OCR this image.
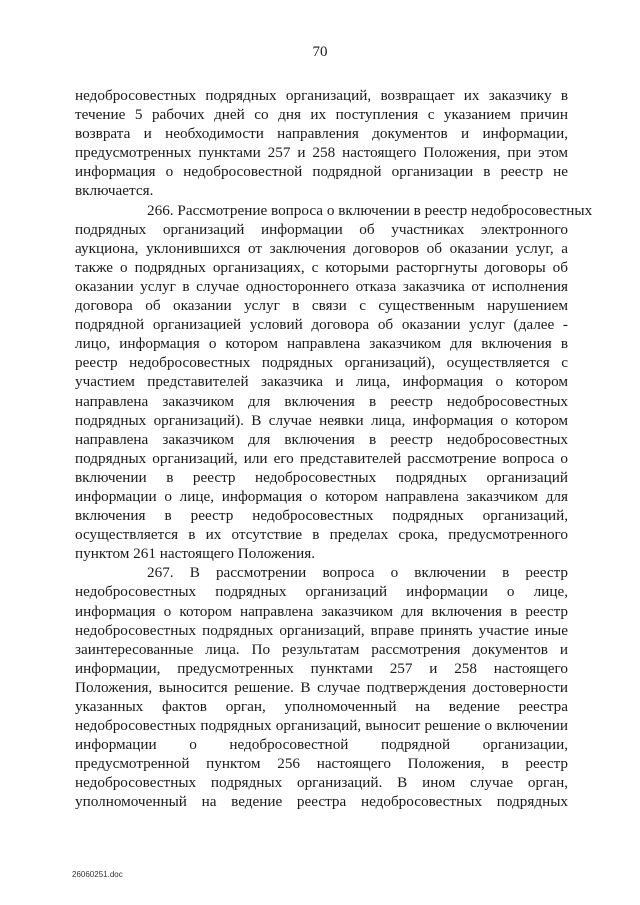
70
недобросовестных подрядных организаций, возвращает их заказчику в
течение 5 рабочих дней со дня их поступления с указанием причин
возврата и необходимости направления документов и информации,
предусмотренных пунктами 257 и 258 настоящего Положения, при этом
информация о недобросовестной подрядной организации в реестр не
включается.
266. Рассмотрение вопроса о включении в реестр недобросовестных
подрядных организаций информации об участниках электронного
аукциона, уклонившихся от заключения договоров об оказании услуг, а
также о подрядных организациях, с которыми расторгнуты договоры об
оказании услуг в случае одностороннего отказа заказчика от исполнения
договора об оказании услуг в связи с существенным нарушением
подрядной организацией условий договора об оказании услуг (далее -
лицо, информация о котором направлена заказчиком для включения в
реестр недобросовестных подрядных организаций), осуществляется с
участием представителей заказчика и лица, информация о котором
направлена заказчиком для включения в реестр недобросовестных
подрядных организаций). В случае неявки лица, информация о котором
направлена заказчиком для включения в реестр недобросовестных
подрядных организаций, или его представителей рассмотрение вопроса о
включении в реестр недобросовестных подрядных организаций
информации о лице, информация о котором направлена заказчиком для
включения в реестр недобросовестных подрядных организаций,
осуществляется в их отсутствие в пределах срока, предусмотренного
пунктом 261 настоящего Положения.
267. В рассмотрении вопроса о включении в реестр
недобросовестных подрядных организаций информации о лице,
информация о котором направлена заказчиком для включения в реестр
недобросовестных подрядных организаций, вправе принять участие иные
заинтересованные лица. По результатам рассмотрения документов и
информации, предусмотренных пунктами 257 и 258 настоящего
Положения, выносится решение. В случае подтверждения достоверности
указанных фактов орган, уполномоченный на ведение реестра
недобросовестных подрядных организаций, выносит решение о включении
информации о недобросовестной подрядной организации,
предусмотренной пунктом 256 настоящего Положения, в реестр
недобросовестных подрядных организаций. В ином случае орган,
уполномоченный на ведение реестра недобросовестных подрядных
26060251.doc
